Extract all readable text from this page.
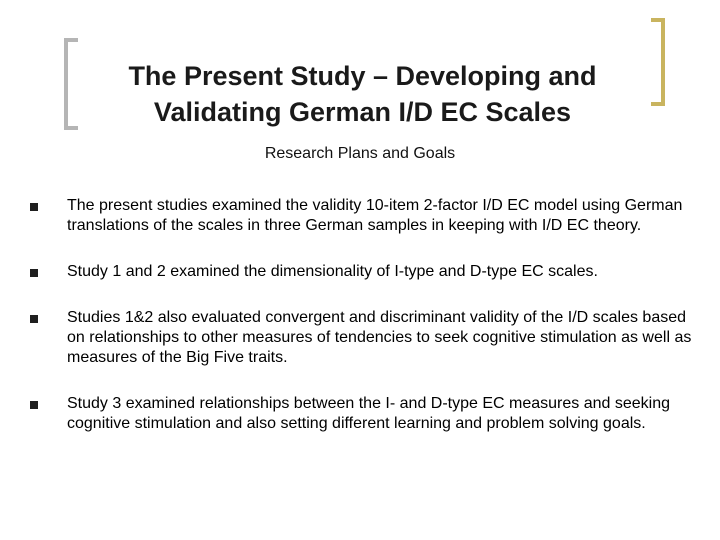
The Present Study – Developing and
Validating German I/D EC Scales
Research Plans and Goals
The present studies examined the validity 10-item 2-factor I/D EC model using German translations of the scales in three German samples in keeping with I/D EC theory.
Study 1 and 2 examined the dimensionality of I-type and D-type EC scales.
Studies 1&2 also evaluated convergent and discriminant validity of the I/D scales based on relationships to other measures of tendencies to seek cognitive stimulation as well as measures of the Big Five traits.
Study 3 examined relationships between the I- and D-type EC measures and seeking cognitive stimulation and also setting different learning and problem solving goals.
